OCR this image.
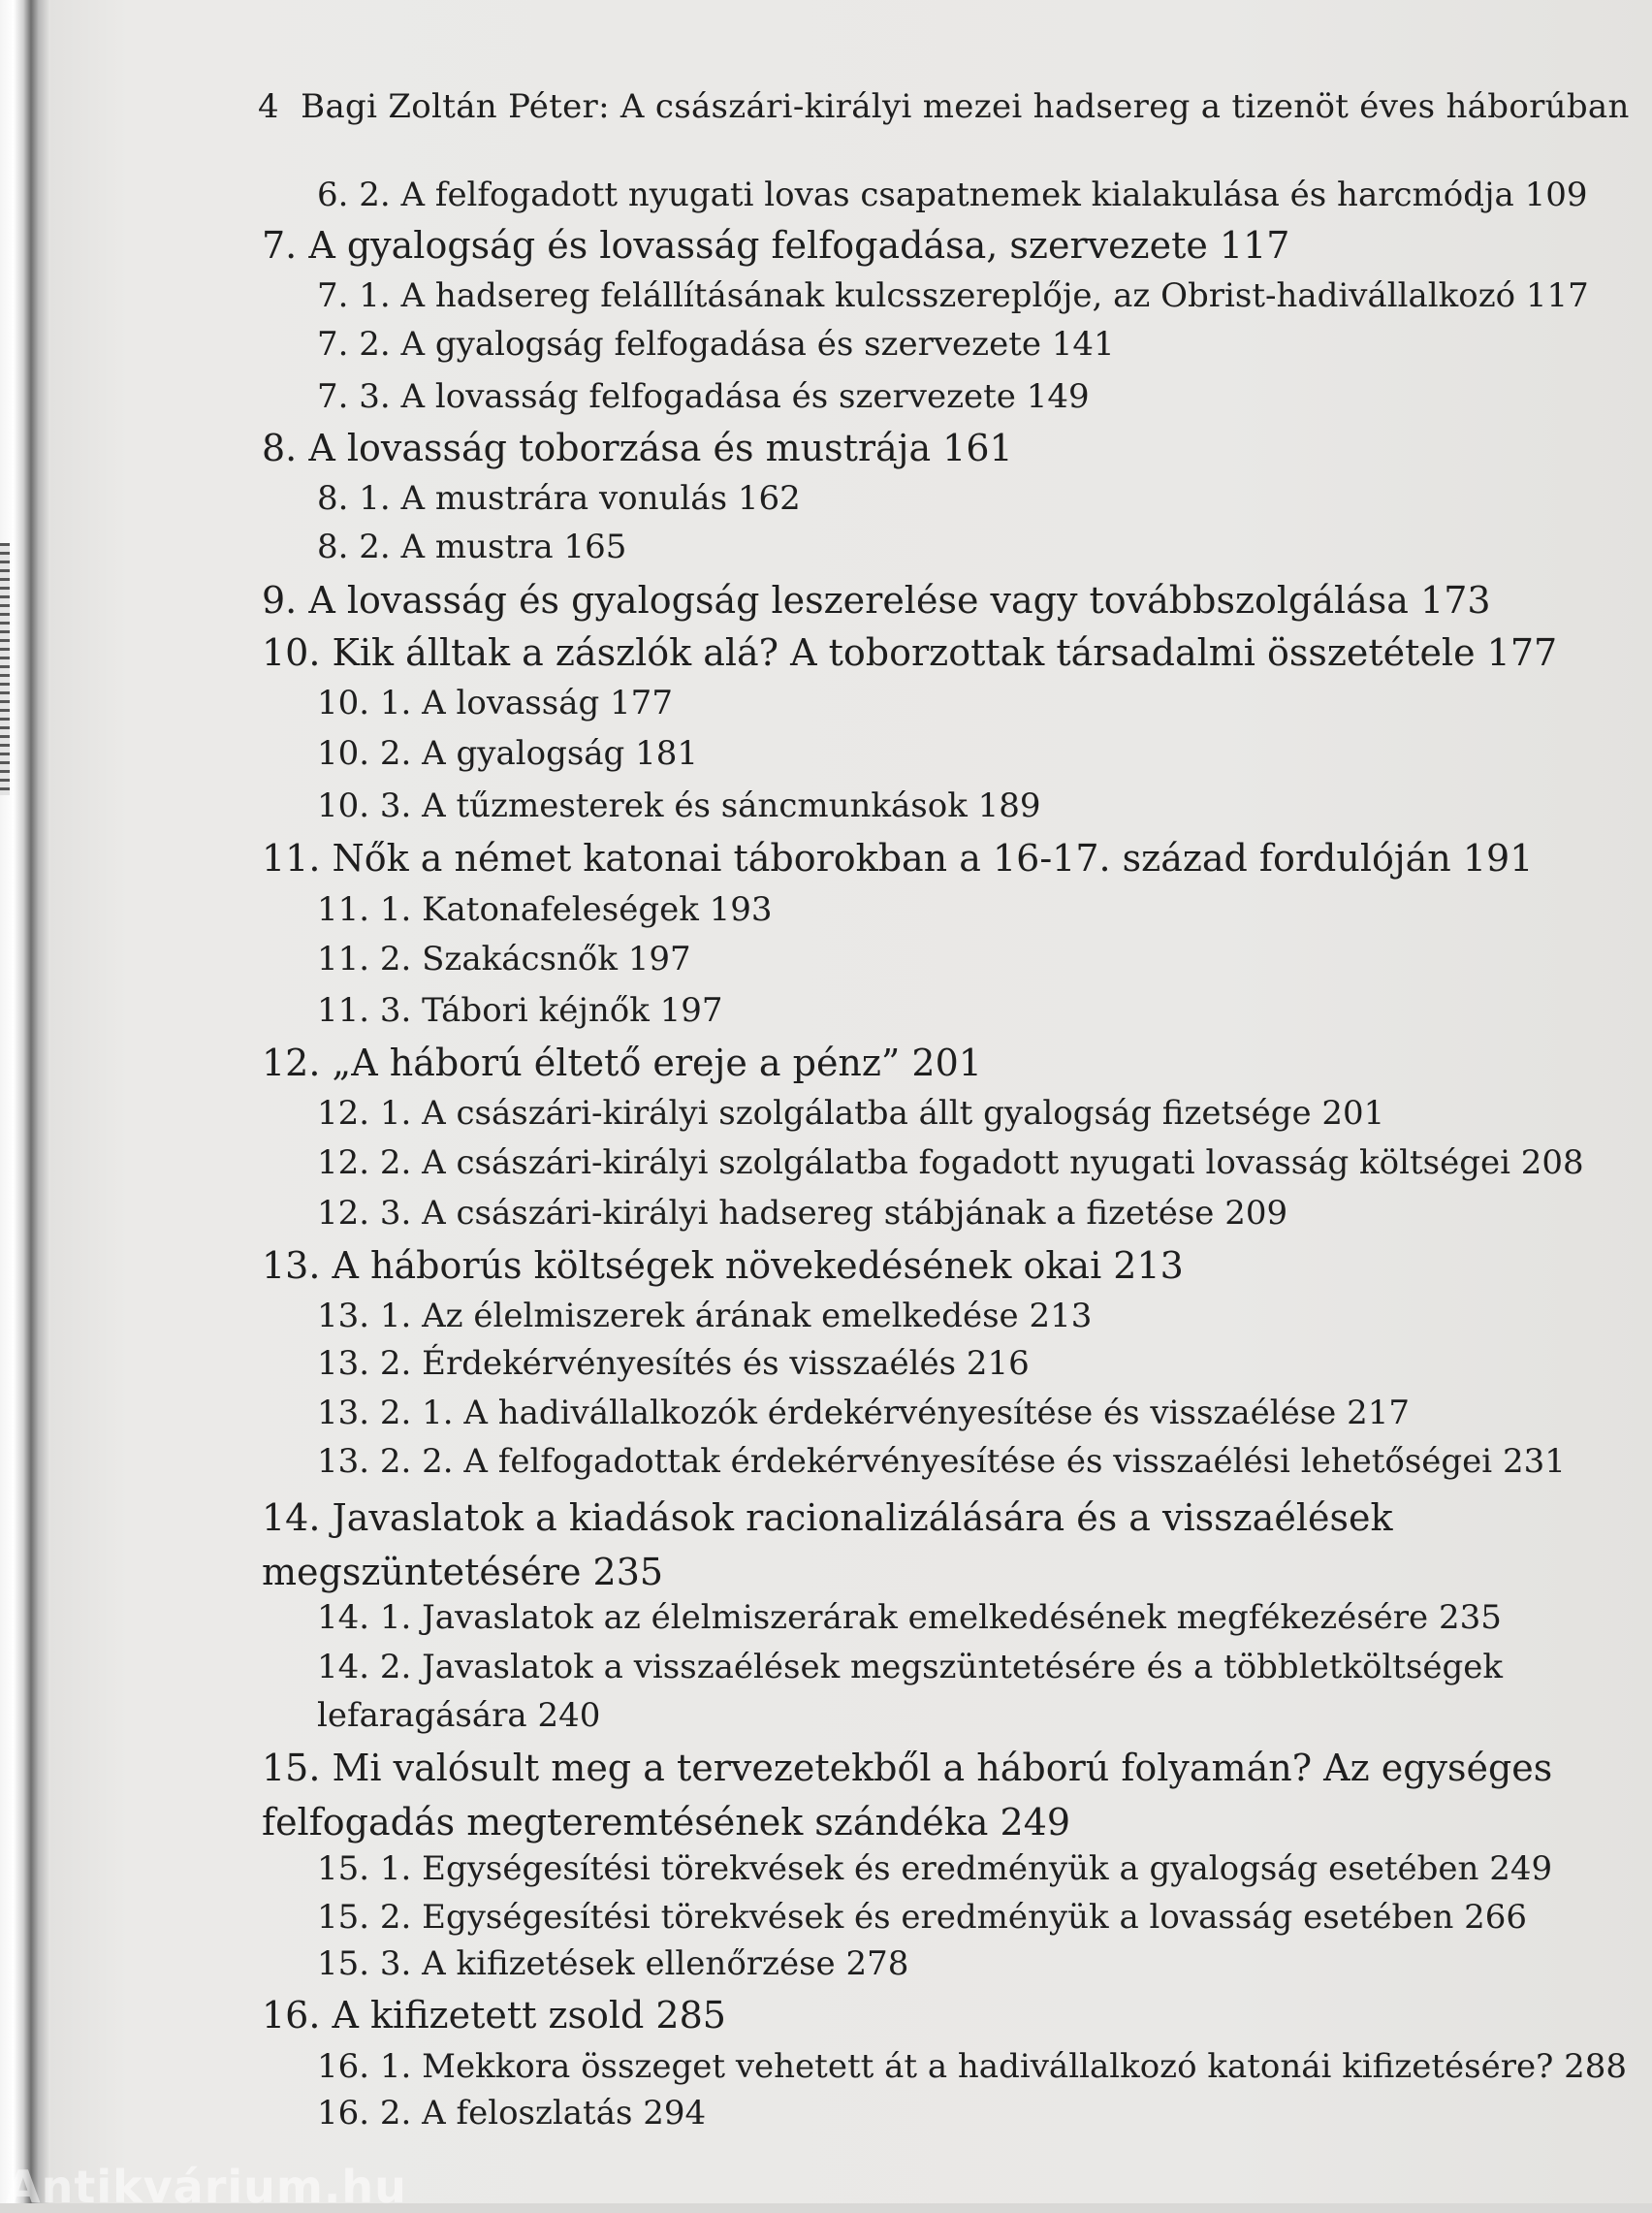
4 Bagi Zoltán Péter: A császári-királyi mezei hadsereg a tizenöt éves háborúban
6. 2. A felfogadott nyugati lovas csapatnemek kialakulása és harcmódja 109
7. A gyalogság és lovasság felfogadása, szervezete 117
7. 1. A hadsereg felállításának kulcsszereplője, az Obrist-hadivállalkozó 117
7. 2. A gyalogság felfogadása és szervezete 141
7. 3. A lovasság felfogadása és szervezete 149
8. A lovasság toborzása és mustrája 161
8. 1. A mustrára vonulás 162
8. 2. A mustra 165
9. A lovasság és gyalogság leszerelése vagy továbbszolgálása 173
10. Kik álltak a zászlók alá? A toborzottak társadalmi összetétele 177
10. 1. A lovasság 177
10. 2. A gyalogság 181
10. 3. A tűzmesterek és sáncmunkások 189
11. Nők a német katonai táborokban a 16-17. század fordulóján 191
11. 1. Katonafeleségek 193
11. 2. Szakácsnők 197
11. 3. Tábori kéjnők 197
12. „A háború éltető ereje a pénz” 201
12. 1. A császári-királyi szolgálatba állt gyalogság fizetsége 201
12. 2. A császári-királyi szolgálatba fogadott nyugati lovasság költségei 208
12. 3. A császári-királyi hadsereg stábjának a fizetése 209
13. A háborús költségek növekedésének okai 213
13. 1. Az élelmiszerek árának emelkedése 213
13. 2. Érdekérvényesítés és visszaélés 216
13. 2. 1. A hadivállalkozók érdekérvényesítése és visszaélése 217
13. 2. 2. A felfogadottak érdekérvényesítése és visszaélési lehetőségei 231
14. Javaslatok a kiadások racionalizálására és a visszaélések megszüntetésére 235
14. 1. Javaslatok az élelmiszerárak emelkedésének megfékezésére 235
14. 2. Javaslatok a visszaélések megszüntetésére és a többletköltségek lefaragására 240
15. Mi valósult meg a tervezetekből a háború folyamán? Az egységes felfogadás megteremtésének szándéka 249
15. 1. Egységesítési törekvések és eredményük a gyalogság esetében 249
15. 2. Egységesítési törekvések és eredményük a lovasság esetében 266
15. 3. A kifizetések ellenőrzése 278
16. A kifizetett zsold 285
16. 1. Mekkora összeget vehetett át a hadivállalkozó katonái kifizetésére? 288
16. 2. A feloszlatás 294
Antikvárium.hu
